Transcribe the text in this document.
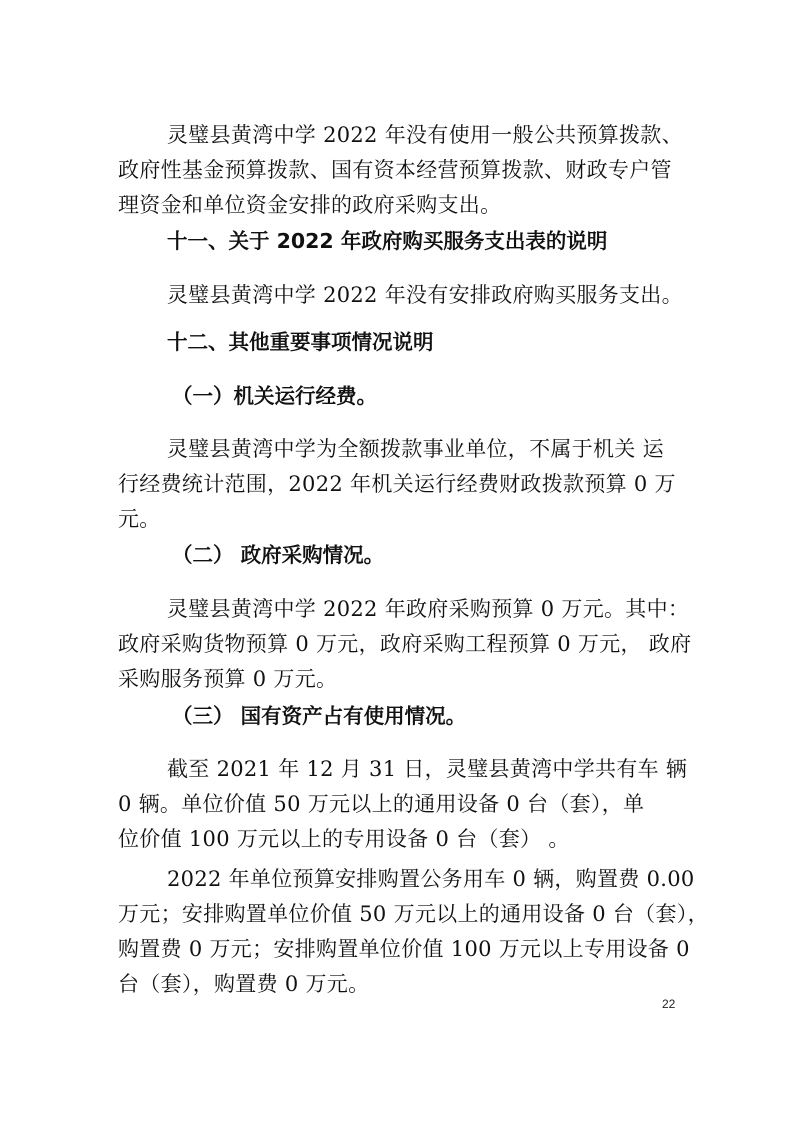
灵璧县黄湾中学 2022 年没有使用一般公共预算拨款、
政府性基金预算拨款、国有资本经营预算拨款、财政专户管
理资金和单位资金安排的政府采购支出。
十一、关于 2022 年政府购买服务支出表的说明
灵璧县黄湾中学 2022 年没有安排政府购买服务支出。
十二、其他重要事项情况说明
（一）机关运行经费。
灵璧县黄湾中学为全额拨款事业单位，不属于机关 运
行经费统计范围，2022 年机关运行经费财政拨款预算 0 万
元。
（二） 政府采购情况。
灵璧县黄湾中学 2022 年政府采购预算 0 万元。其中：
政府采购货物预算 0 万元，政府采购工程预算 0 万元， 政府
采购服务预算 0 万元。
（三） 国有资产占有使用情况。
截至 2021 年 12 月 31 日，灵璧县黄湾中学共有车 辆
0 辆。单位价值 50 万元以上的通用设备 0 台（套），单
位价值 100 万元以上的专用设备 0 台（套） 。
2022 年单位预算安排购置公务用车 0 辆，购置费 0.00
万元；安排购置单位价值 50 万元以上的通用设备 0 台（套），
购置费 0 万元；安排购置单位价值 100 万元以上专用设备 0
台（套），购置费 0 万元。
22
